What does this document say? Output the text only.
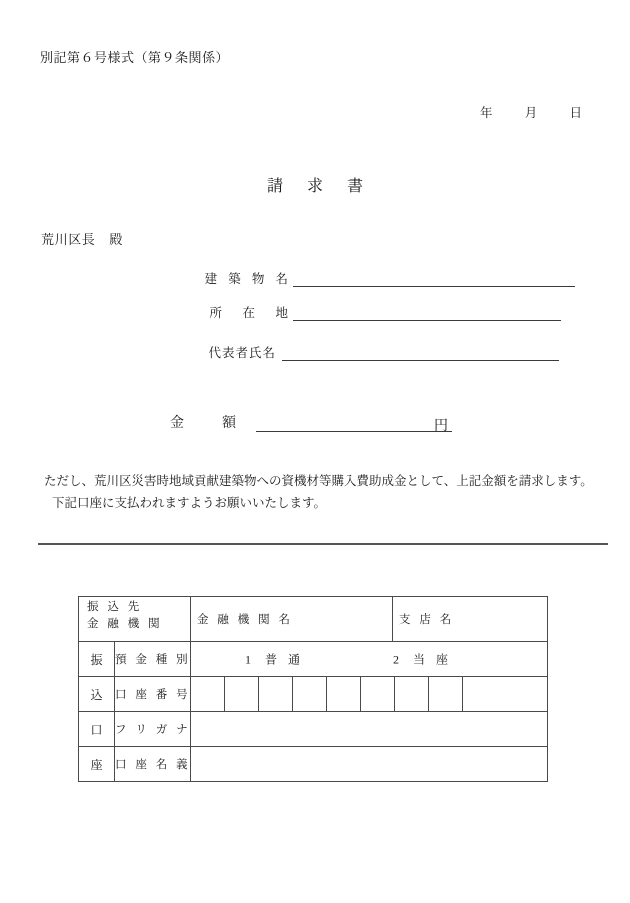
別記第６号様式（第９条関係）
年	月	日
請 求 書
荒川区長 殿
建 築 物 名
所　在　地
代表者氏名
金　額	円
ただし、荒川区災害時地域貢献建築物への資機材等購入費助成金として、上記金額を請求します。
下記口座に支払われますようお願いいたします。
振 込 先
金 融 機 関		金 融 機 関 名	支 店 名

振	預 金 種 別	1 普 通 2 当 座	

込	口 座 番 号		

口	フ リ ガ ナ		
座	口 座 名 義		
